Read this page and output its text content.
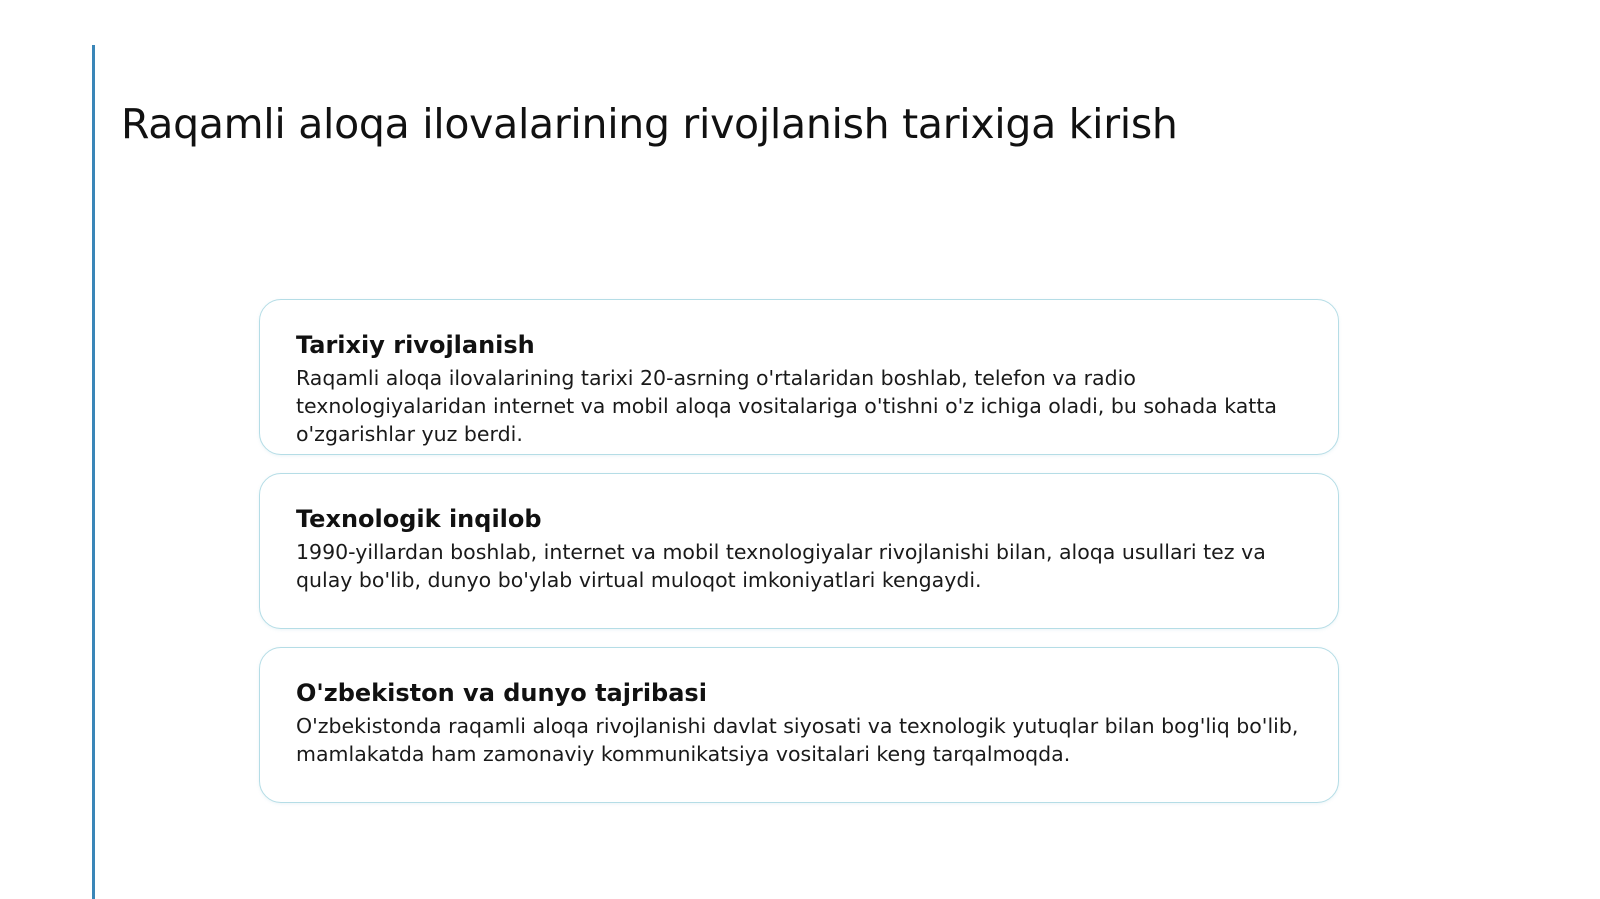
Raqamli aloqa ilovalarining rivojlanish tarixiga kirish
Tarixiy rivojlanish

Raqamli aloqa ilovalarining tarixi 20-asrning o'rtalaridan boshlab, telefon va radio texnologiyalaridan internet va mobil aloqa vositalariga o'tishni o'z ichiga oladi, bu sohada katta o'zgarishlar yuz berdi.

Texnologik inqilob

1990-yillardan boshlab, internet va mobil texnologiyalar rivojlanishi bilan, aloqa usullari tez va qulay bo'lib, dunyo bo'ylab virtual muloqot imkoniyatlari kengaydi.

O'zbekiston va dunyo tajribasi

O'zbekistonda raqamli aloqa rivojlanishi davlat siyosati va texnologik yutuqlar bilan bog'liq bo'lib, mamlakatda ham zamonaviy kommunikatsiya vositalari keng tarqalmoqda.
